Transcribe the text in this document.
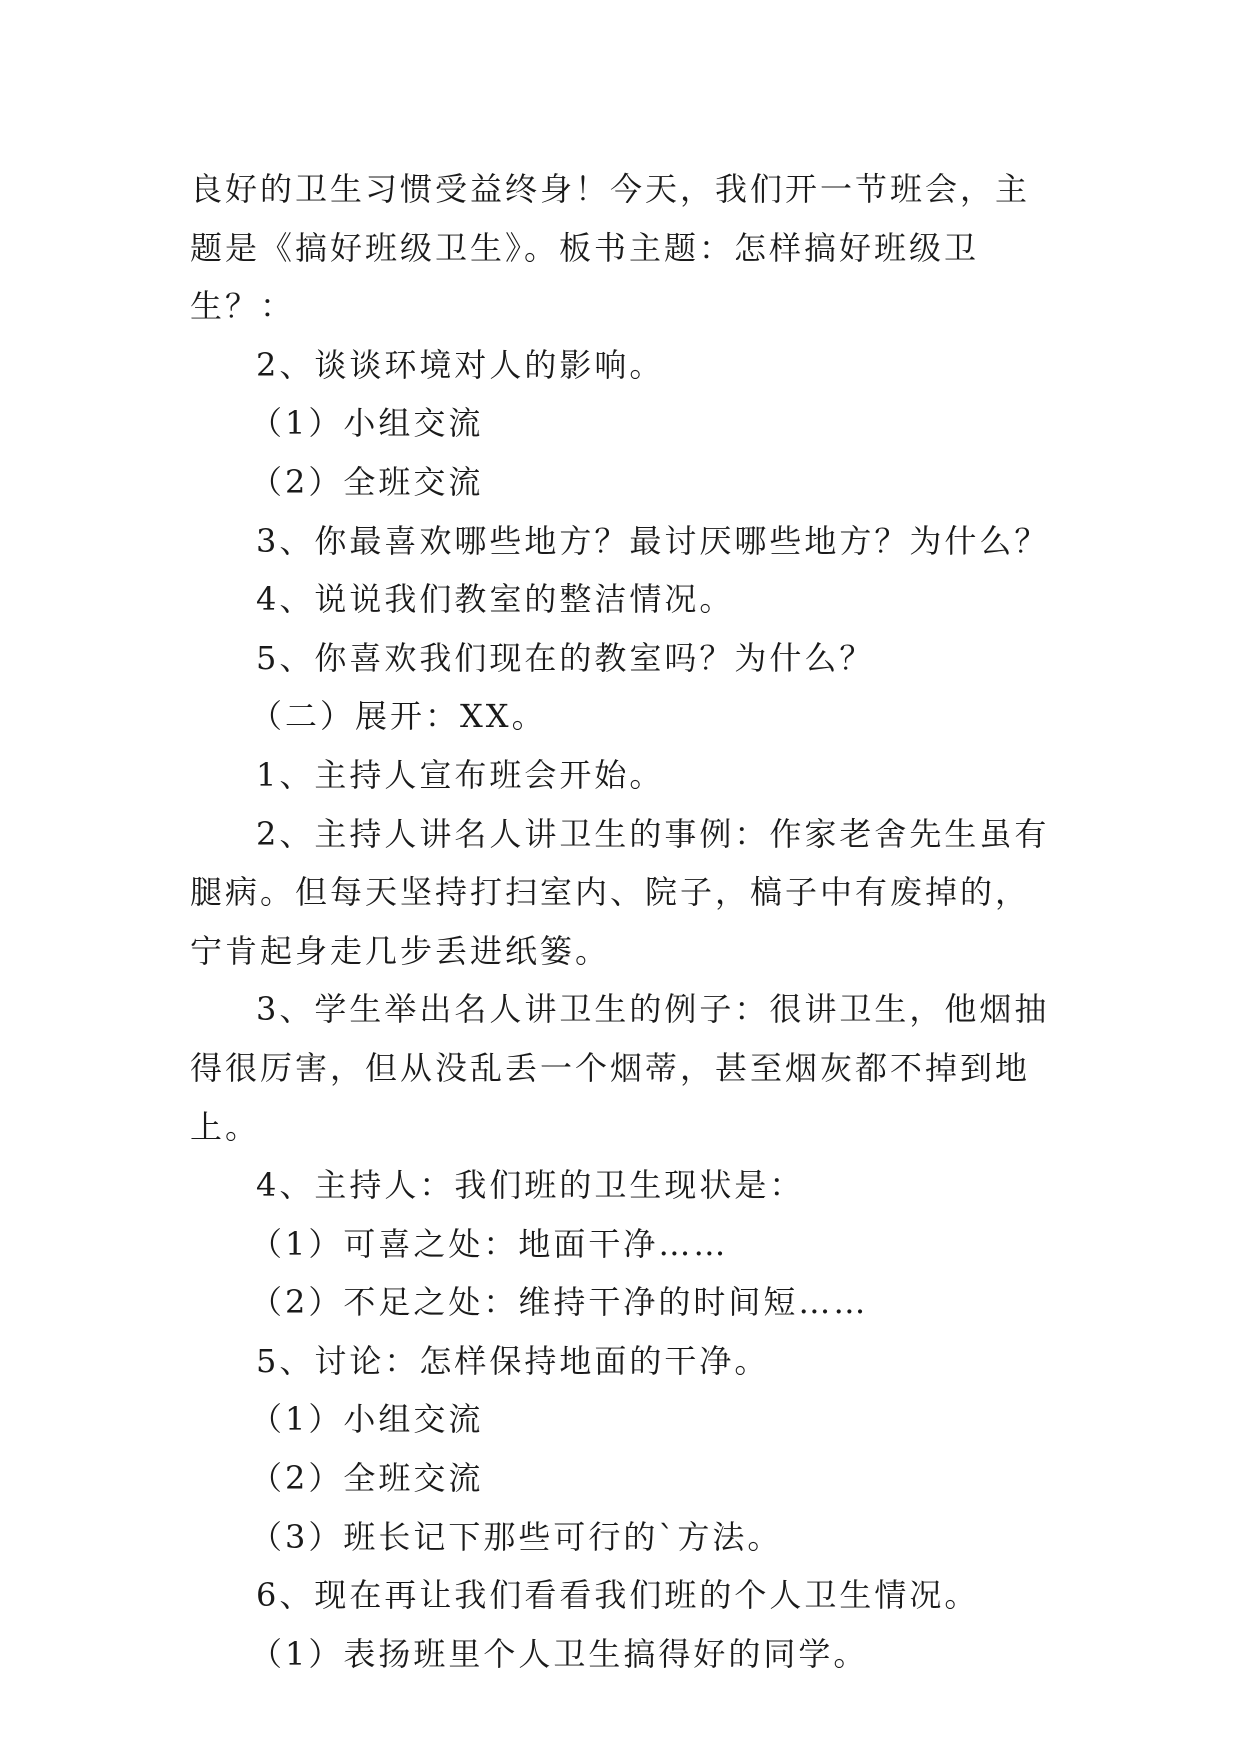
良好的卫生习惯受益终身！今天，我们开一节班会，主题是《搞好班级卫生》。板书主题：怎样搞好班级卫生？：

2、谈谈环境对人的影响。

（1）小组交流

（2）全班交流

3、你最喜欢哪些地方？最讨厌哪些地方？为什么？

4、说说我们教室的整洁情况。

5、你喜欢我们现在的教室吗？为什么？

（二）展开：XX。

1、主持人宣布班会开始。

2、主持人讲名人讲卫生的事例：作家老舍先生虽有腿病。但每天坚持打扫室内、院子，槁子中有废掉的，宁肯起身走几步丢进纸篓。

3、学生举出名人讲卫生的例子：很讲卫生，他烟抽得很厉害，但从没乱丢一个烟蒂，甚至烟灰都不掉到地上。

4、主持人：我们班的卫生现状是：

（1）可喜之处：地面干净……

（2）不足之处：维持干净的时间短……

5、讨论：怎样保持地面的干净。

（1）小组交流

（2）全班交流

（3）班长记下那些可行的`方法。

6、现在再让我们看看我们班的个人卫生情况。

（1）表扬班里个人卫生搞得好的同学。
